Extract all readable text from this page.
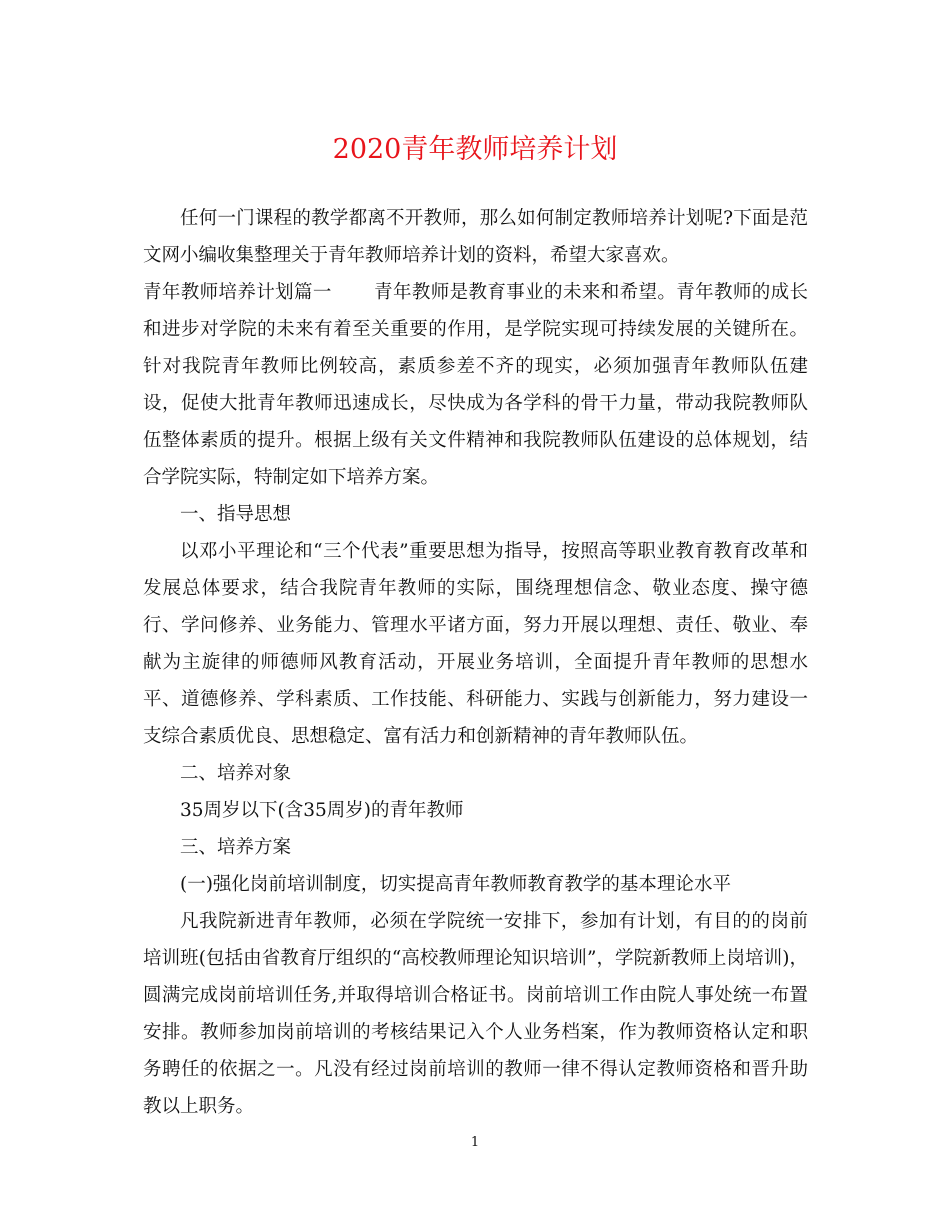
2020青年教师培养计划

任何一门课程的教学都离不开教师，那么如何制定教师培养计划呢?下面是范文网小编收集整理关于青年教师培养计划的资料，希望大家喜欢。

青年教师培养计划篇一 青年教师是教育事业的未来和希望。青年教师的成长和进步对学院的未来有着至关重要的作用，是学院实现可持续发展的关键所在。针对我院青年教师比例较高，素质参差不齐的现实，必须加强青年教师队伍建设，促使大批青年教师迅速成长，尽快成为各学科的骨干力量，带动我院教师队伍整体素质的提升。根据上级有关文件精神和我院教师队伍建设的总体规划，结合学院实际，特制定如下培养方案。

一、指导思想

以邓小平理论和“三个代表”重要思想为指导，按照高等职业教育教育改革和发展总体要求，结合我院青年教师的实际，围绕理想信念、敬业态度、操守德行、学问修养、业务能力、管理水平诸方面，努力开展以理想、责任、敬业、奉献为主旋律的师德师风教育活动，开展业务培训，全面提升青年教师的思想水平、道德修养、学科素质、工作技能、科研能力、实践与创新能力，努力建设一支综合素质优良、思想稳定、富有活力和创新精神的青年教师队伍。

二、培养对象

35周岁以下(含35周岁)的青年教师

三、培养方案

(一)强化岗前培训制度，切实提高青年教师教育教学的基本理论水平

凡我院新进青年教师，必须在学院统一安排下，参加有计划，有目的的岗前培训班(包括由省教育厅组织的“高校教师理论知识培训”，学院新教师上岗培训)，圆满完成岗前培训任务,并取得培训合格证书。岗前培训工作由院人事处统一布置安排。教师参加岗前培训的考核结果记入个人业务档案，作为教师资格认定和职务聘任的依据之一。凡没有经过岗前培训的教师一律不得认定教师资格和晋升助教以上职务。

1
